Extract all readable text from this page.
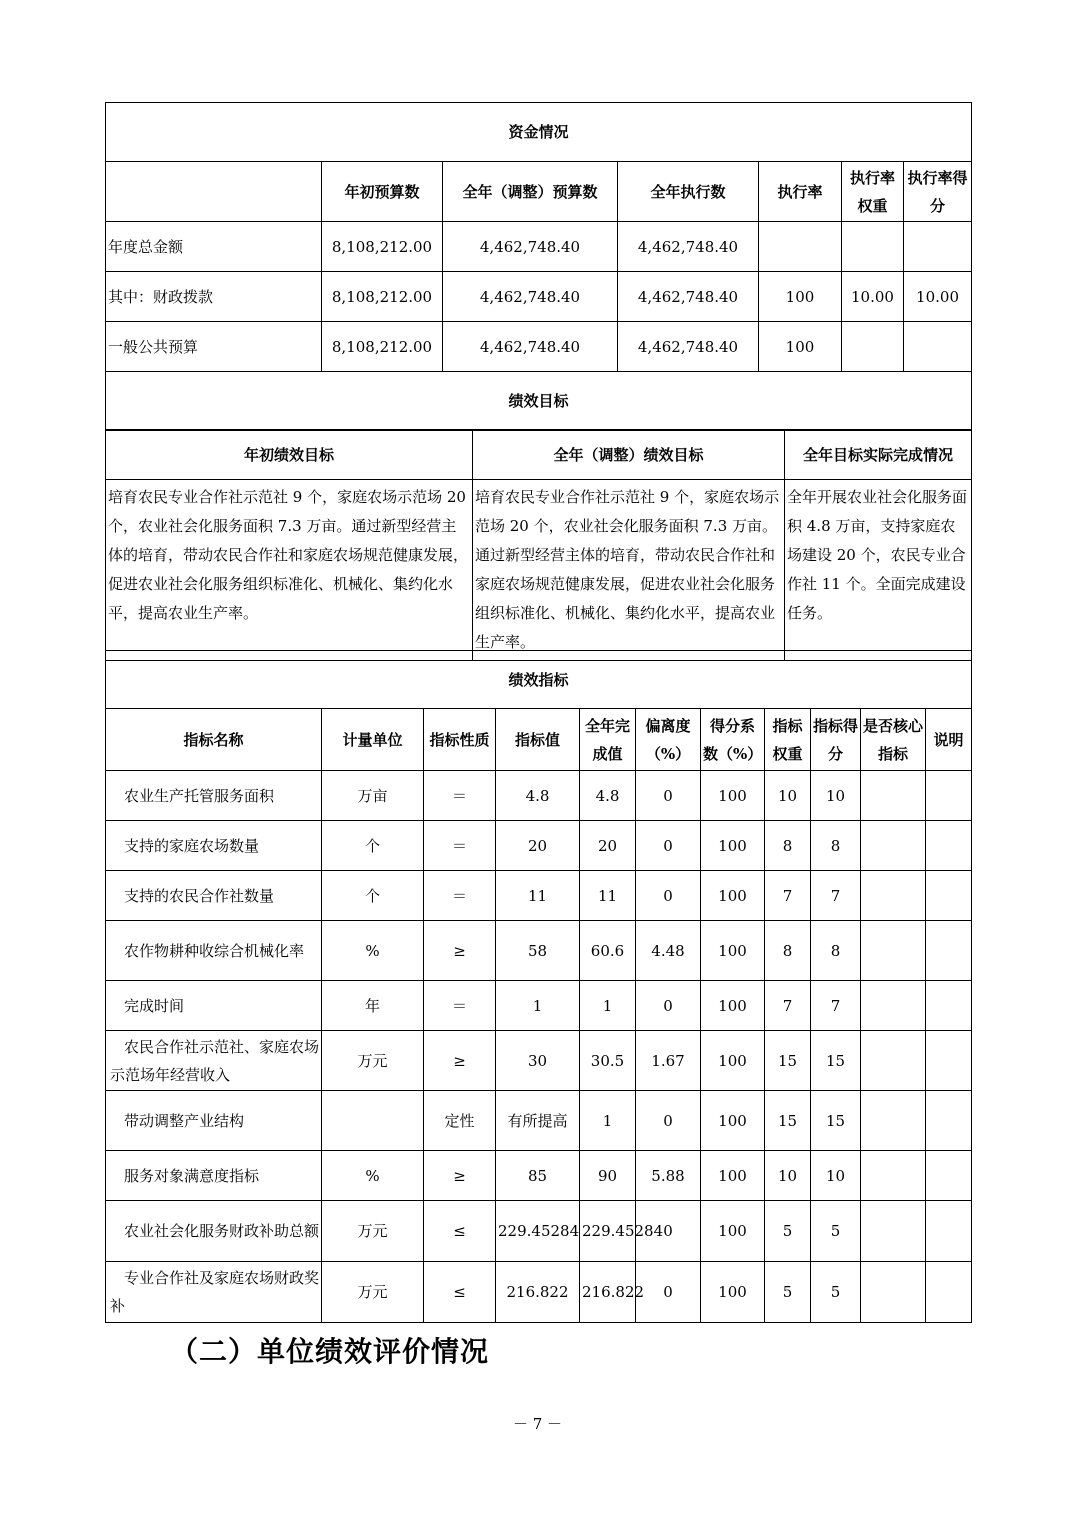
资金情况						
	年初预算数	全年（调整）预算数	全年执行数	执行率	执行率权重	执行率得分
年度总金额	8,108,212.00	4,462,748.40	4,462,748.40			
其中：财政拨款	8,108,212.00	4,462,748.40	4,462,748.40	100	10.00	10.00
一般公共预算	8,108,212.00	4,462,748.40	4,462,748.40	100		
绩效目标						
年初绩效目标	全年（调整）绩效目标	全年目标实际完成情况
培育农民专业合作社示范社 9 个，家庭农场示范场 20 个，农业社会化服务面积 7.3 万亩。通过新型经营主体的培育，带动农民合作社和家庭农场规范健康发展，促进农业社会化服务组织标准化、机械化、集约化水平，提高农业生产率。	培育农民专业合作社示范社 9 个，家庭农场示范场 20 个，农业社会化服务面积 7.3 万亩。通过新型经营主体的培育，带动农民合作社和家庭农场规范健康发展，促进农业社会化服务组织标准化、机械化、集约化水平，提高农业生产率。	全年开展农业社会化服务面积 4.8 万亩，支持家庭农场建设 20 个，农民专业合作社 11 个。全面完成建设任务。
绩效指标										
指标名称	计量单位	指标性质	指标值	全年完成值	偏离度（%）	得分系数（%）	指标权重	指标得分	是否核心指标	说明
农业生产托管服务面积	万亩	＝	4.8	4.8	0	100	10	10		
支持的家庭农场数量	个	＝	20	20	0	100	8	8		
支持的农民合作社数量	个	＝	11	11	0	100	7	7		
农作物耕种收综合机械化率	%	≥	58	60.6	4.48	100	8	8		
完成时间	年	＝	1	1	0	100	7	7		
农民合作社示范社、家庭农场示范场年经营收入	万元	≥	30	30.5	1.67	100	15	15		
带动调整产业结构		定性	有所提高	1	0	100	15	15		
服务对象满意度指标	%	≥	85	90	5.88	100	10	10		
农业社会化服务财政补助总额	万元	≤	229.45284	229.45284	0	100	5	5		
专业合作社及家庭农场财政奖补	万元	≤	216.822	216.822	0	100	5	5		
（二）单位绩效评价情况
－ 7 －
